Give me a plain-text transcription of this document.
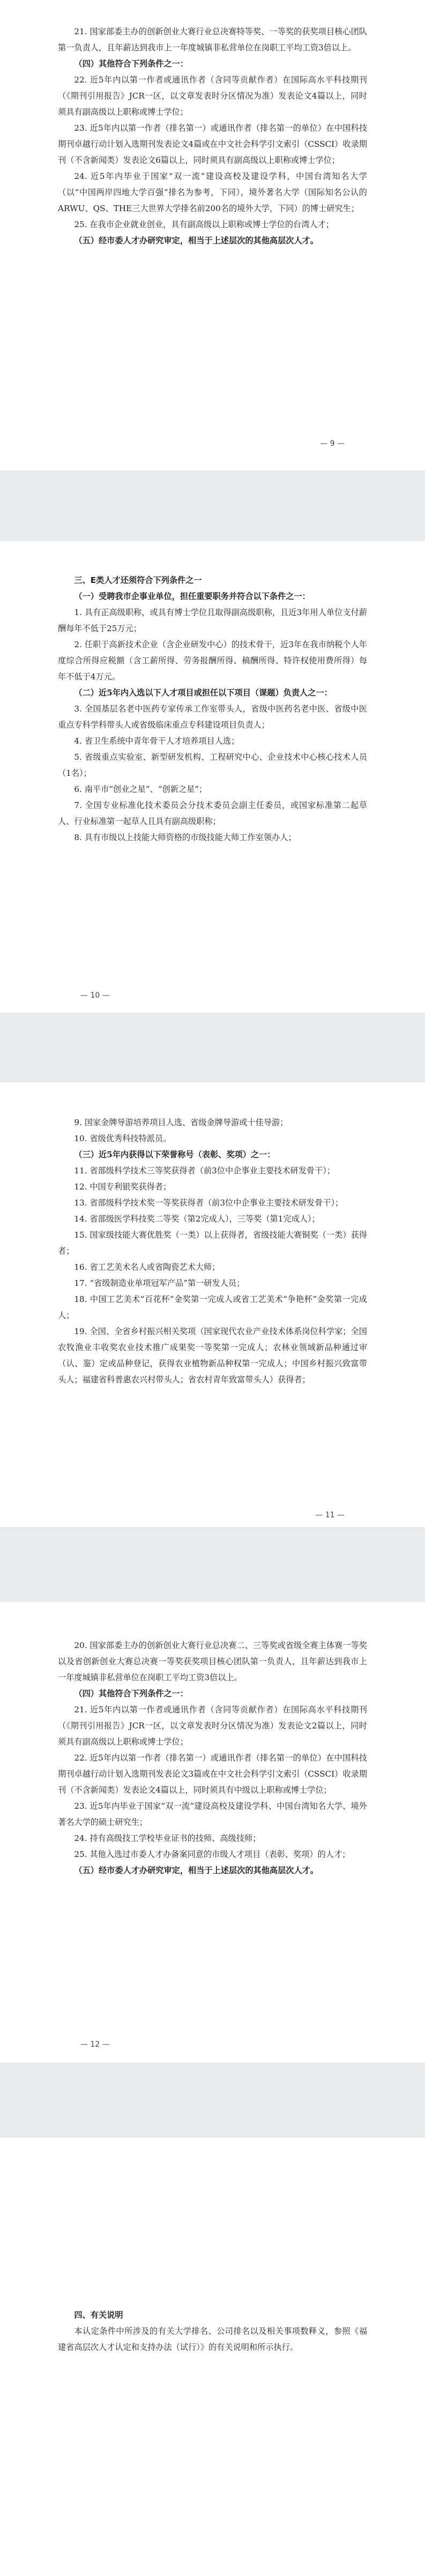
21. 国家部委主办的创新创业大赛行业总决赛特等奖、一等奖的获奖项目核心团队第一负责人，且年薪达到我市上一年度城镇非私营单位在岗职工平均工资3倍以上。

（四）其他符合下列条件之一：

22. 近5年内以第一作者或通讯作者（含同等贡献作者）在国际高水平科技期刊（《期刊引用报告》JCR一区，以文章发表时分区情况为准）发表论文4篇以上，同时须具有副高级以上职称或博士学位；

23. 近5年内以第一作者（排名第一）或通讯作者（排名第一的单位）在中国科技期刊卓越行动计划入选期刊发表论文4篇或在中文社会科学引文索引（CSSCI）收录期刊（不含新闻类）发表论文6篇以上，同时须具有副高级以上职称或博士学位；

24. 近5年内毕业于国家“双一流”建设高校及建设学科，中国台湾知名大学（以“中国两岸四地大学百强”排名为参考，下同），境外著名大学（国际知名公认的ARWU、QS、THE三大世界大学排名前200名的境外大学，下同）的博士研究生；

25. 在我市企业就业创业，具有副高级以上职称或博士学位的台湾人才；

（五）经市委人才办研究审定，相当于上述层次的其他高层次人才。

— 9 —

三、E类人才还须符合下列条件之一

（一）受聘我市企事业单位，担任重要职务并符合以下条件之一：

1. 具有正高级职称，或具有博士学位且取得副高级职称，且近3年用人单位支付薪酬每年不低于25万元；

2. 任职于高新技术企业（含企业研发中心）的技术骨干，近3年在我市纳税个人年度综合所得应税额（含工薪所得、劳务报酬所得、稿酬所得、特许权使用费所得）每年不低于4万元。

（二）近5年内入选以下人才项目或担任以下项目（课题）负责人之一：

3. 全国基层名老中医药专家传承工作室带头人，省级中医药名老中医、省级中医重点专科学科带头人或省级临床重点专科建设项目负责人；

4. 省卫生系统中青年骨干人才培养项目人选；

5. 省级重点实验室、新型研发机构、工程研究中心、企业技术中心核心技术人员（1名）；

6. 南平市“创业之星”、“创新之星”；

7. 全国专业标准化技术委员会分技术委员会副主任委员，或国家标准第二起草人、行业标准第一起草人且具有副高级职称；

8. 具有市级以上技能大师资格的市级技能大师工作室领办人；

— 10 —

9. 国家金牌导游培养项目人选、省级金牌导游或十佳导游；

10. 省级优秀科技特派员。

（三）近5年内获得以下荣誉称号（表彰、奖项）之一：

11. 省部级科学技术三等奖获得者（前3位中企事业主要技术研发骨干）；

12. 中国专利银奖获得者；

13. 省部级科学技术奖一等奖获得者（前3位中企事业主要技术研发骨干）；

14. 省部级医学科技奖二等奖（第2完成人），三等奖（第1完成人）；

15. 国家级技能大赛优胜奖（一类）以上获得者，省级技能大赛铜奖（一类）获得者；

16. 省工艺美术名人或省陶瓷艺术大师；

17. “省级制造业单项冠军产品”第一研发人员；

18. 中国工艺美术“百花杯”金奖第一完成人或省工艺美术“争艳杯”金奖第一完成人；

19. 全国、全省乡村振兴相关奖项（国家现代农业产业技术体系岗位科学家；全国农牧渔业丰收奖农业技术推广成果奖一等奖第一完成人；农林业领域新品种通过审（认、鉴）定或品种登记，获得农业植物新品种权第一完成人；中国乡村振兴致富带头人；福建省科普惠农兴村带头人；省农村青年致富带头人）获得者；

— 11 —

20. 国家部委主办的创新创业大赛行业总决赛二、三等奖或省级全赛主体赛一等奖以及省创新创业大赛总决赛一等奖获奖项目核心团队第一负责人，且年薪达到我市上一年度城镇非私营单位在岗职工平均工资3倍以上。

（四）其他符合下列条件之一：

21. 近5年内以第一作者或通讯作者（含同等贡献作者）在国际高水平科技期刊（《期刊引用报告》JCR一区，以文章发表时分区情况为准）发表论文2篇以上，同时须具有副高级以上职称或博士学位；

22. 近5年内以第一作者（排名第一）或通讯作者（排名第一的单位）在中国科技期刊卓越行动计划入选期刊发表论文3篇或在中文社会科学引文索引（CSSCI）收录期刊（不含新闻类）发表论文4篇以上，同时须具有中级以上职称或博士学位；

23. 近5年内毕业于国家“双一流”建设高校及建设学科、中国台湾知名大学、境外著名大学的硕士研究生；

24. 持有高级技工学校毕业证书的技师、高级技师；

25. 其他入选过市委人才办备案同意的市级人才项目（表彰、奖项）的人才；

（五）经市委人才办研究审定，相当于上述层次的其他高层次人才。

— 12 —

四、有关说明

本认定条件中所涉及的有关大学排名、公司排名以及相关事项数释义，参照《福建省高层次人才认定和支持办法（试行）》的有关说明和所示执行。
